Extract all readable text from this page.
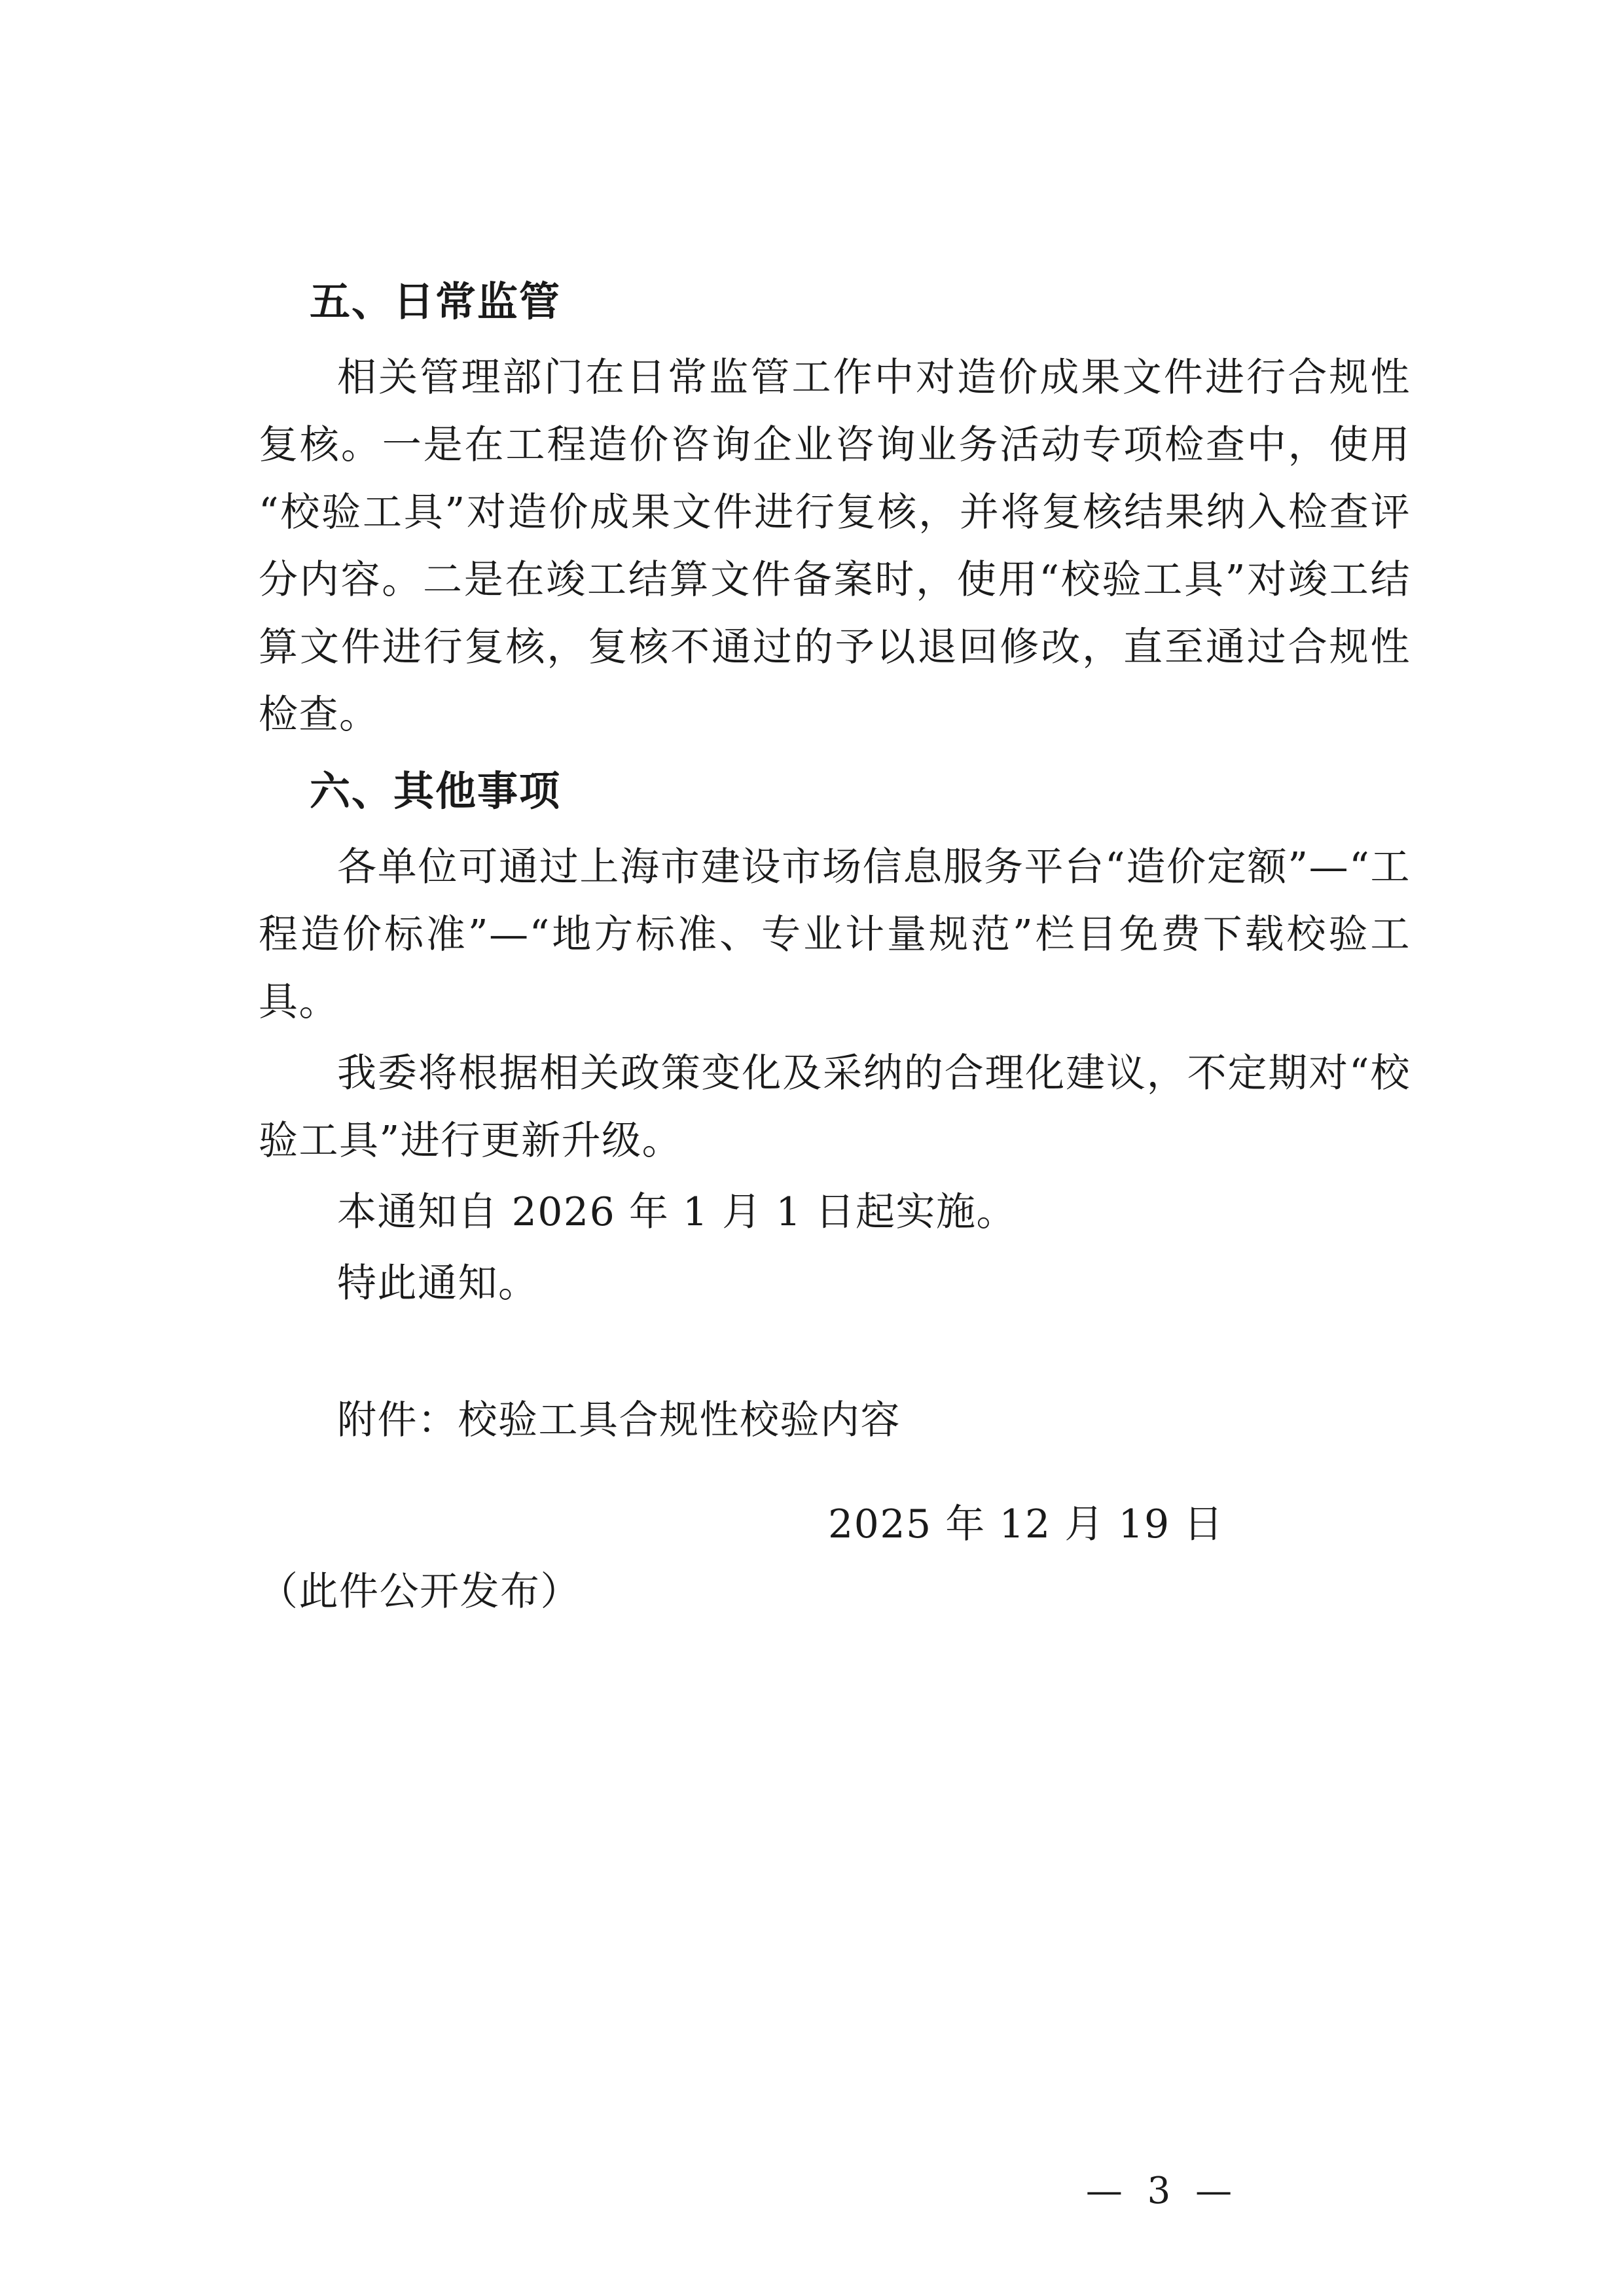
五、日常监管

相关管理部门在日常监管工作中对造价成果文件进行合规性复核。一是在工程造价咨询企业咨询业务活动专项检查中，使用“校验工具”对造价成果文件进行复核，并将复核结果纳入检查评分内容。二是在竣工结算文件备案时，使用“校验工具”对竣工结算文件进行复核，复核不通过的予以退回修改，直至通过合规性检查。

六、其他事项

各单位可通过上海市建设市场信息服务平台“造价定额”—“工程造价标准”—“地方标准、专业计量规范”栏目免费下载校验工具。

我委将根据相关政策变化及采纳的合理化建议，不定期对“校验工具”进行更新升级。

本通知自 2026 年 1 月 1 日起实施。

特此通知。

附件：校验工具合规性校验内容

2025 年 12 月 19 日

（此件公开发布）

— 3 —
